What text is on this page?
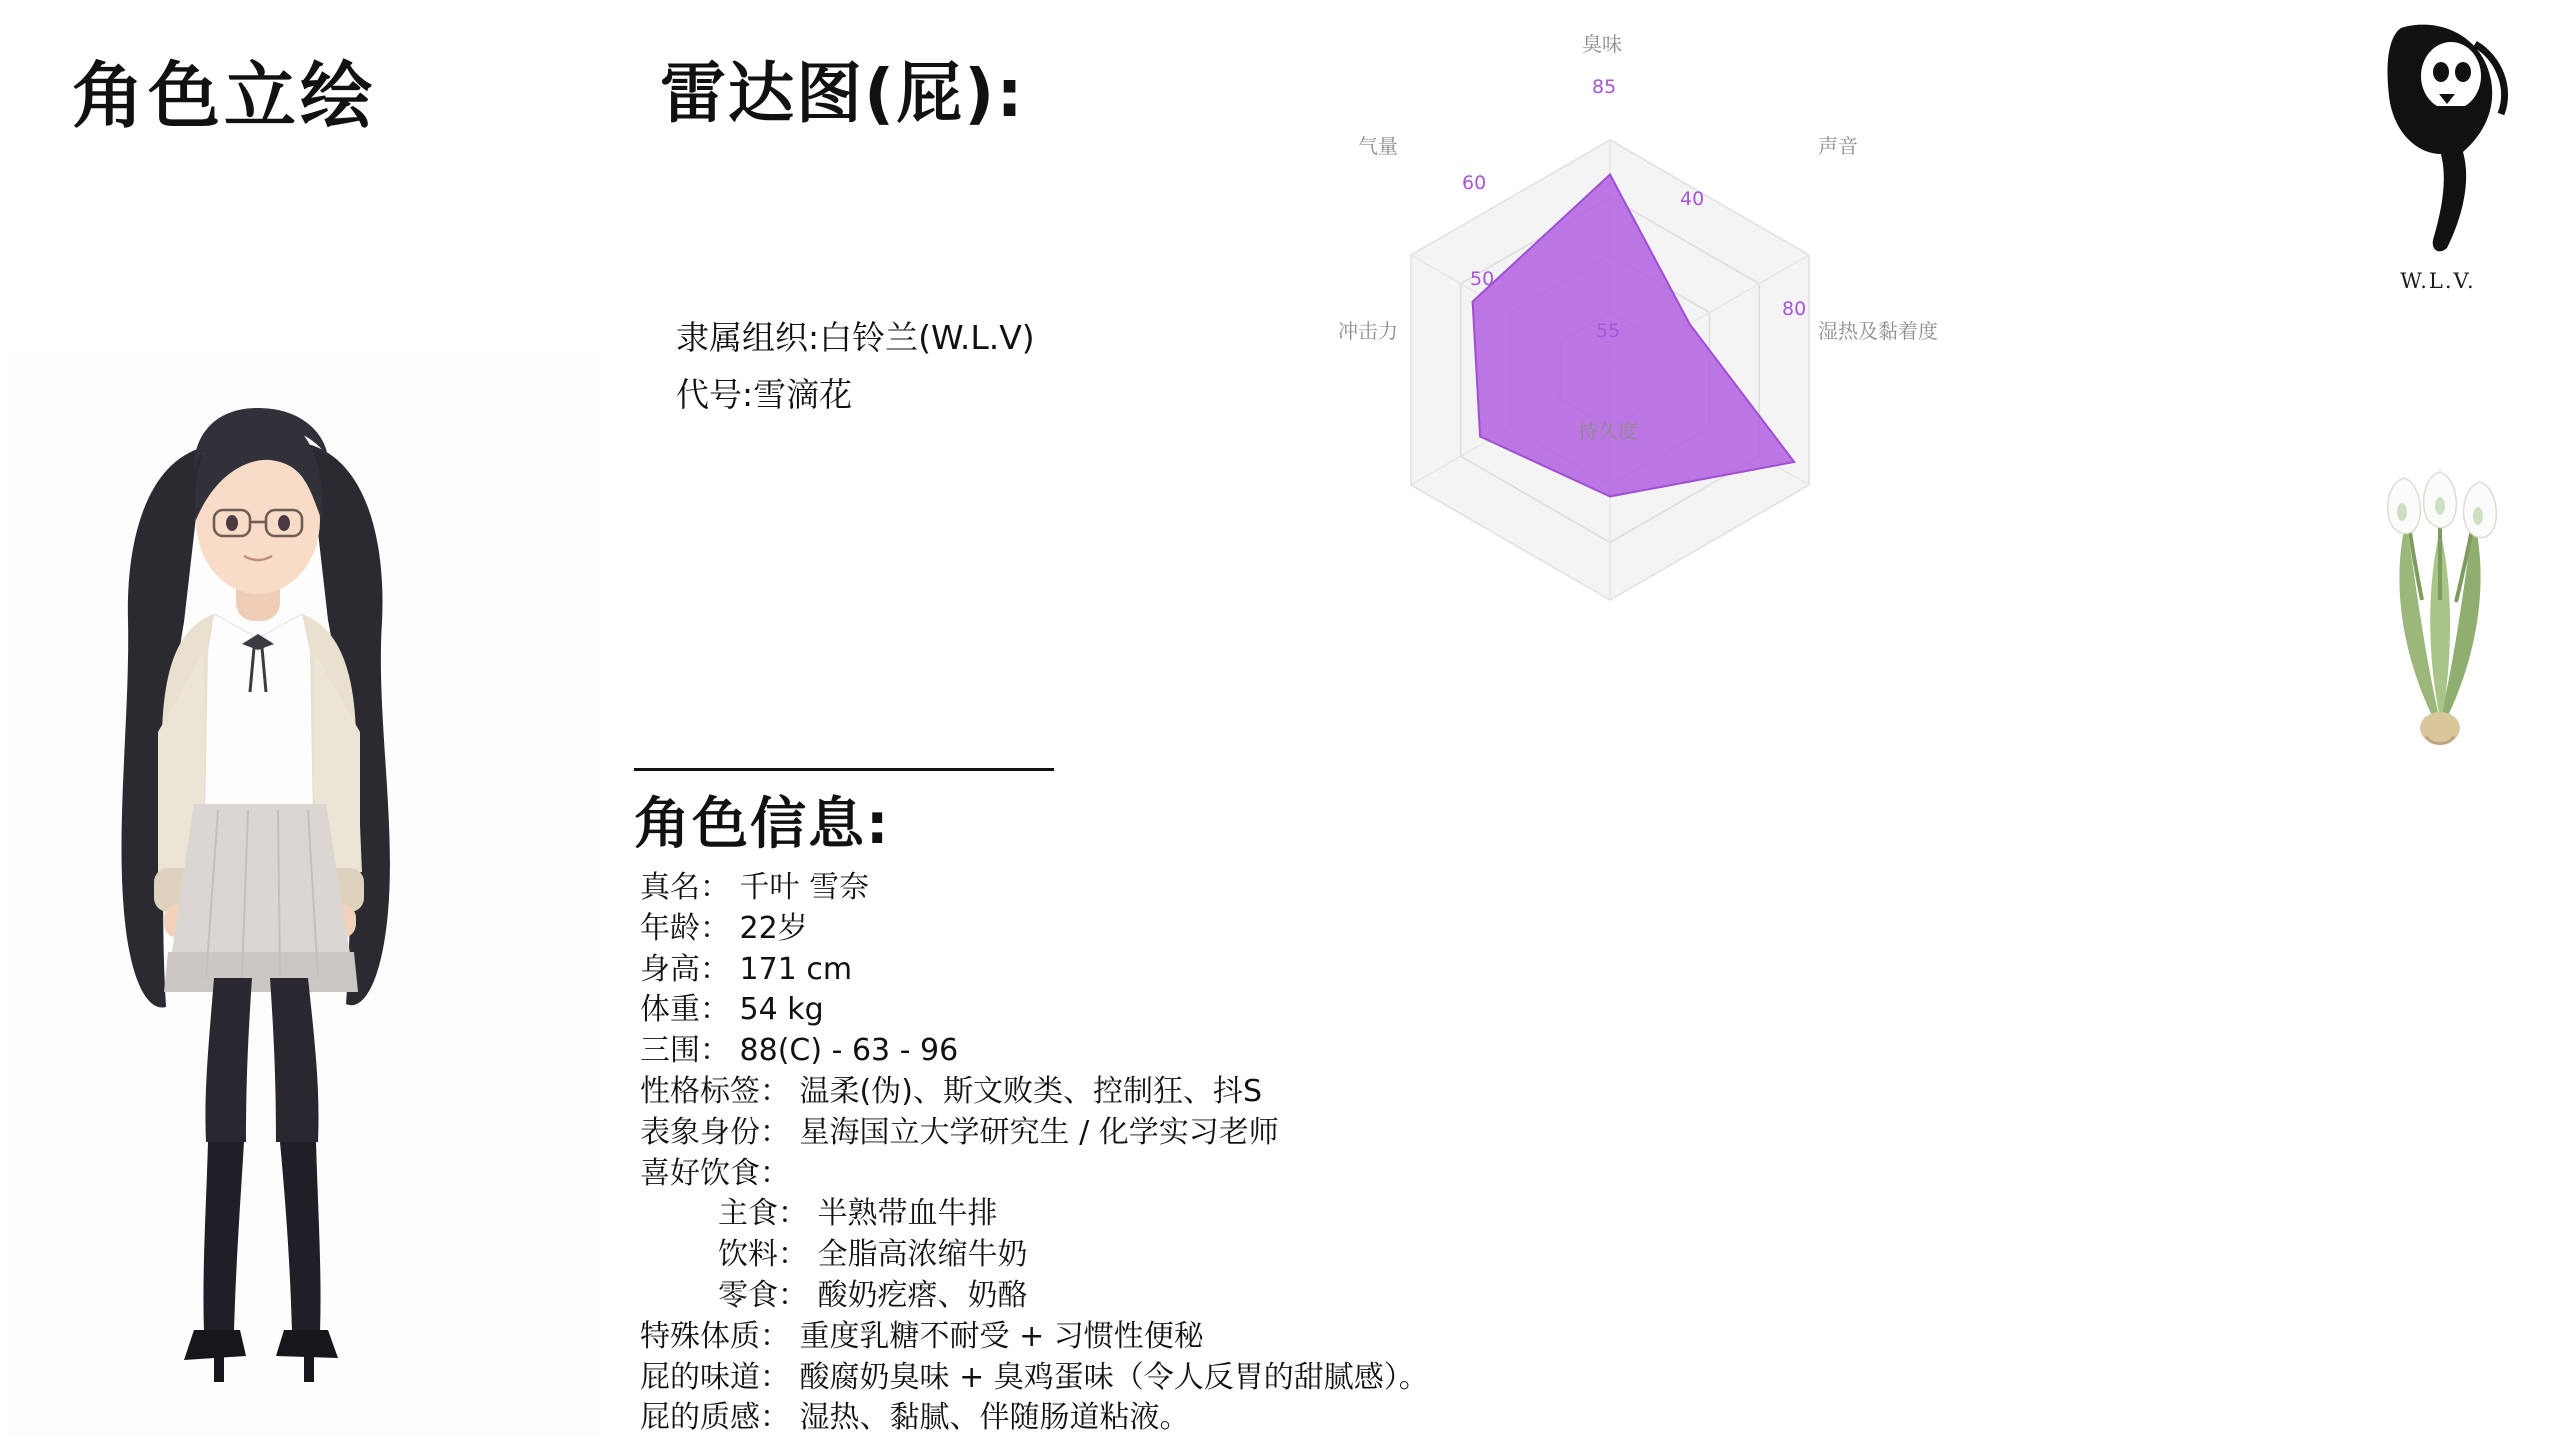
角色立绘	雷达图(屁):
隶属组织:白铃兰(W.L.V)
代号:雪滴花
臭味
声音
湿热及黏着度
持久度
冲击力
气量
85
40
80
55
50
60
角色信息:
真名： 千叶 雪奈
年龄： 22岁
身高： 171 cm
体重： 54 kg
三围： 88(C) - 63 - 96
性格标签： 温柔(伪)、斯文败类、控制狂、抖S
表象身份： 星海国立大学研究生 / 化学实习老师
喜好饮食：
主食： 半熟带血牛排
饮料： 全脂高浓缩牛奶
零食： 酸奶疙瘩、奶酪
特殊体质： 重度乳糖不耐受 + 习惯性便秘
屁的味道： 酸腐奶臭味 + 臭鸡蛋味（令人反胃的甜腻感）。
屁的质感： 湿热、黏腻、伴随肠道粘液。
W.L.V.
